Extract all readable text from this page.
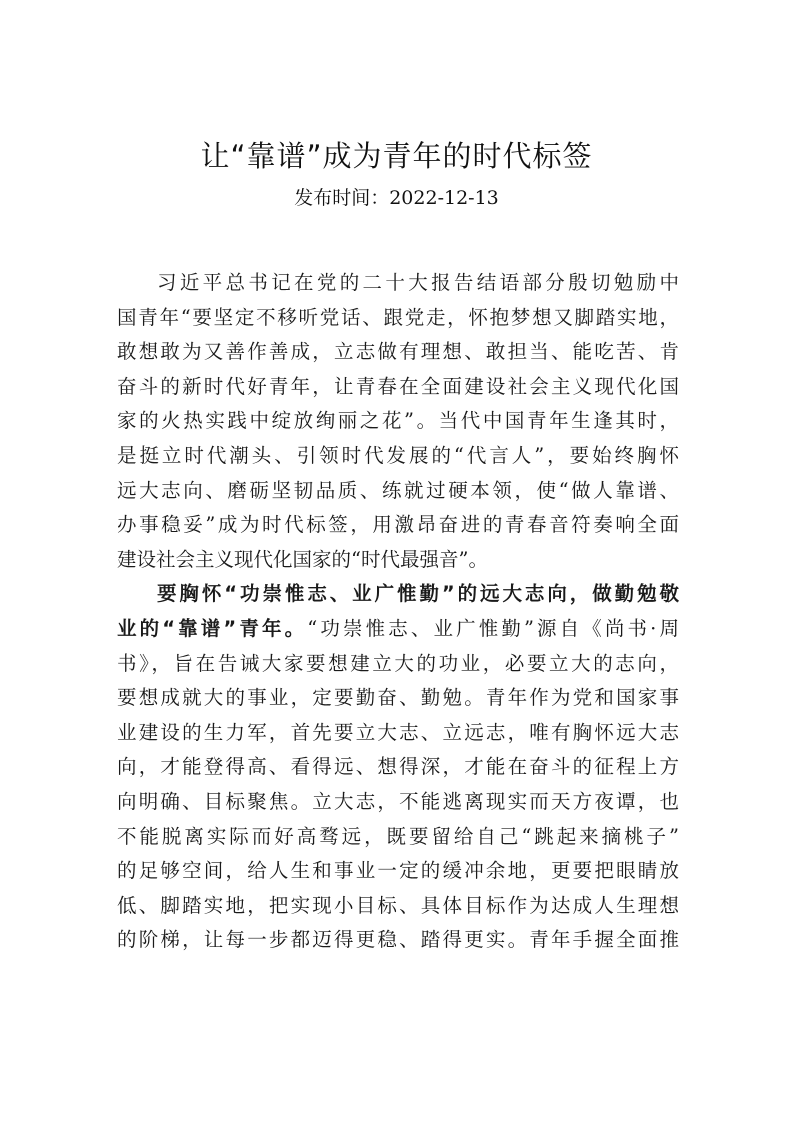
让“靠谱”成为青年的时代标签
发布时间：2022-12-13
习近平总书记在党的二十大报告结语部分殷切勉励中
国青年“要坚定不移听党话、跟党走，怀抱梦想又脚踏实地，
敢想敢为又善作善成，立志做有理想、敢担当、能吃苦、肯
奋斗的新时代好青年，让青春在全面建设社会主义现代化国
家的火热实践中绽放绚丽之花”。当代中国青年生逢其时，
是挺立时代潮头、引领时代发展的“代言人”，要始终胸怀
远大志向、磨砺坚韧品质、练就过硬本领，使“做人靠谱、
办事稳妥”成为时代标签，用激昂奋进的青春音符奏响全面
建设社会主义现代化国家的“时代最强音”。
要胸怀“功崇惟志、业广惟勤”的远大志向，做勤勉敬
业的“靠谱”青年。“功崇惟志、业广惟勤”源自《尚书·周
书》，旨在告诫大家要想建立大的功业，必要立大的志向，
要想成就大的事业，定要勤奋、勤勉。青年作为党和国家事
业建设的生力军，首先要立大志、立远志，唯有胸怀远大志
向，才能登得高、看得远、想得深，才能在奋斗的征程上方
向明确、目标聚焦。立大志，不能逃离现实而天方夜谭，也
不能脱离实际而好高骛远，既要留给自己“跳起来摘桃子”
的足够空间，给人生和事业一定的缓冲余地，更要把眼睛放
低、脚踏实地，把实现小目标、具体目标作为达成人生理想
的阶梯，让每一步都迈得更稳、踏得更实。青年手握全面推
